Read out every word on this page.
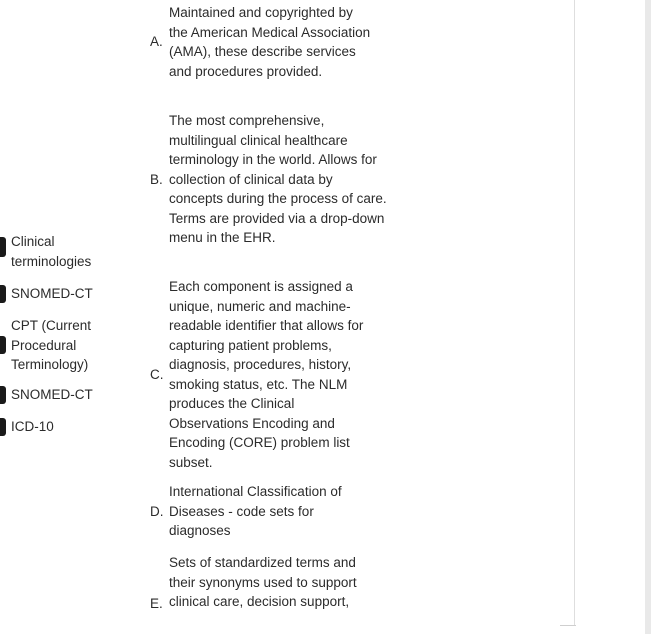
Clinical terminologies
SNOMED-CT
CPT (Current Procedural Terminology)
SNOMED-CT
ICD-10
A.
Maintained and copyrighted by the American Medical Association (AMA), these describe services and procedures provided.
B.
The most comprehensive, multilingual clinical healthcare terminology in the world. Allows for collection of clinical data by concepts during the process of care. Terms are provided via a drop-down menu in the EHR.
C.
Each component is assigned a unique, numeric and machine-readable identifier that allows for capturing patient problems, diagnosis, procedures, history, smoking status, etc. The NLM produces the Clinical Observations Encoding and Encoding (CORE) problem list subset.
D.
International Classification of Diseases - code sets for diagnoses
E.
Sets of standardized terms and their synonyms used to support clinical care, decision support,
